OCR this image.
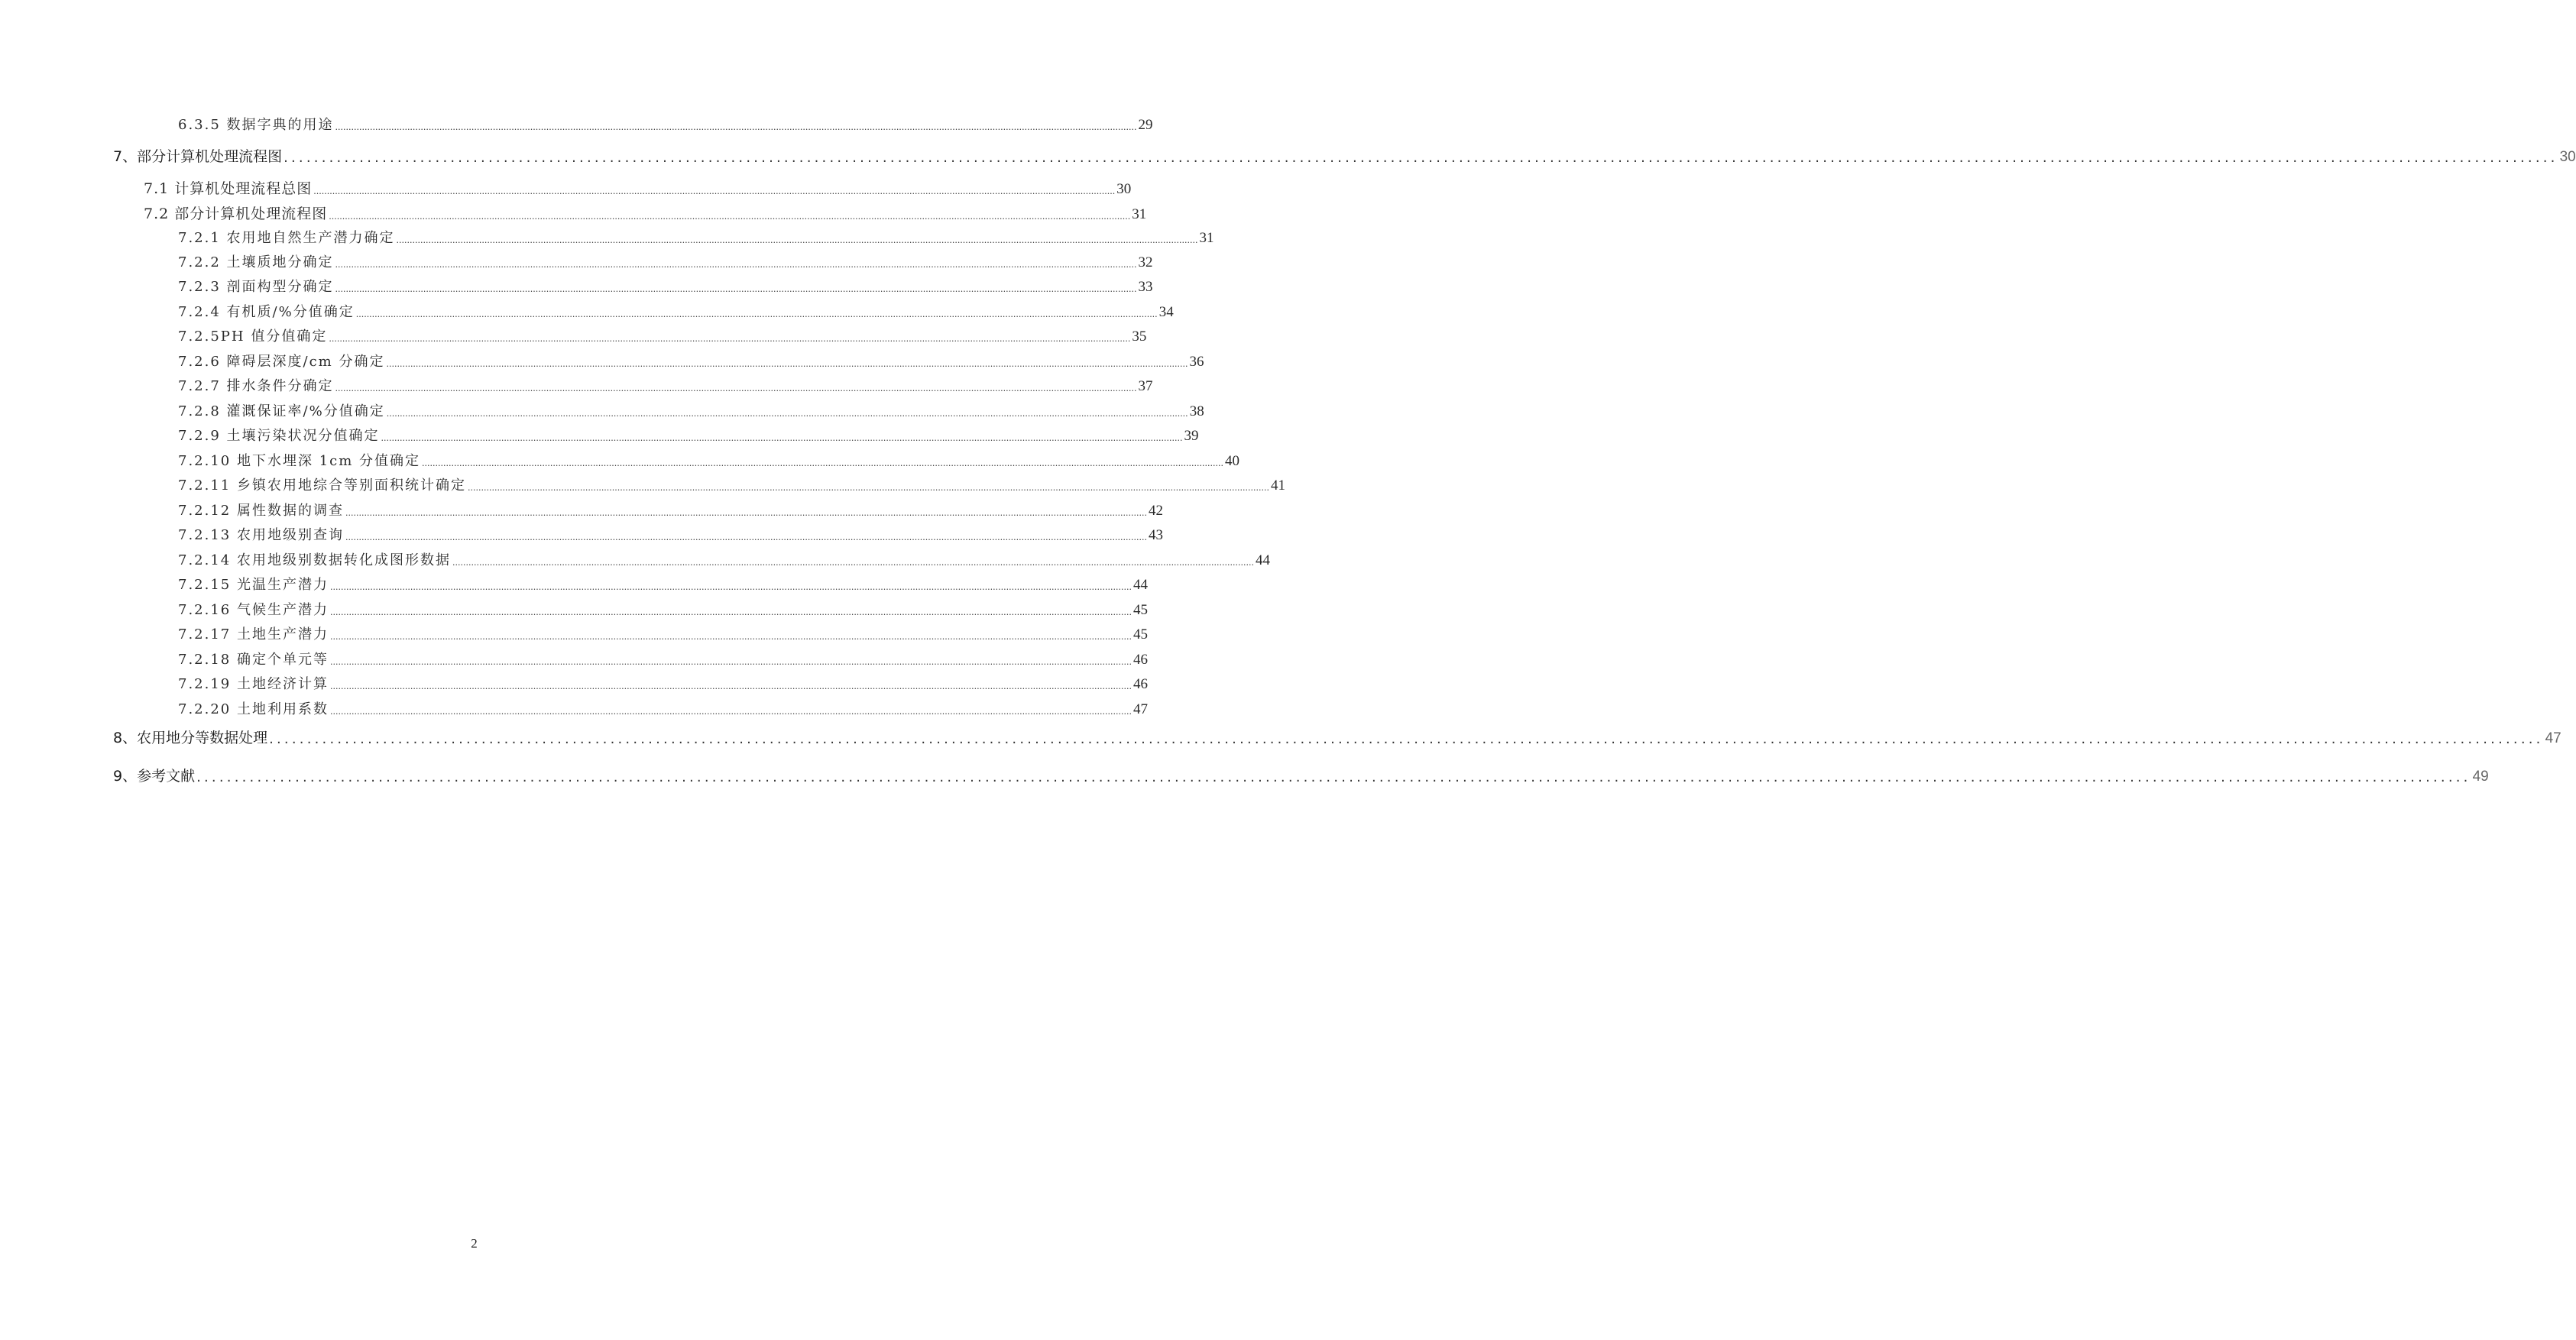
6.3.5 数据字典的用途 ............................................................................................................................................................................................................................................................................................................ 29
7、部分计算机处理流程图 ............................................................................................................................................................................................................................................................................................................ 30
7.1 计算机处理流程总图 ............................................................................................................................................................................................................................................................................................................ 30
7.2 部分计算机处理流程图 ............................................................................................................................................................................................................................................................................................................ 31
7.2.1 农用地自然生产潜力确定 ............................................................................................................................................................................................................................................................................................................ 31
7.2.2 土壤质地分确定 ............................................................................................................................................................................................................................................................................................................ 32
7.2.3 剖面构型分确定 ............................................................................................................................................................................................................................................................................................................ 33
7.2.4 有机质/%分值确定 ............................................................................................................................................................................................................................................................................................................ 34
7.2.5PH 值分值确定 ............................................................................................................................................................................................................................................................................................................ 35
7.2.6 障碍层深度/cm 分确定 ............................................................................................................................................................................................................................................................................................................ 36
7.2.7 排水条件分确定 ............................................................................................................................................................................................................................................................................................................ 37
7.2.8 灌溉保证率/%分值确定 ............................................................................................................................................................................................................................................................................................................ 38
7.2.9 土壤污染状况分值确定 ............................................................................................................................................................................................................................................................................................................ 39
7.2.10 地下水埋深 1cm 分值确定 ............................................................................................................................................................................................................................................................................................................ 40
7.2.11 乡镇农用地综合等别面积统计确定 ............................................................................................................................................................................................................................................................................................................ 41
7.2.12 属性数据的调查 ............................................................................................................................................................................................................................................................................................................ 42
7.2.13 农用地级别查询 ............................................................................................................................................................................................................................................................................................................ 43
7.2.14 农用地级别数据转化成图形数据 ............................................................................................................................................................................................................................................................................................................ 44
7.2.15 光温生产潜力 ............................................................................................................................................................................................................................................................................................................ 44
7.2.16 气候生产潜力 ............................................................................................................................................................................................................................................................................................................ 45
7.2.17 土地生产潜力 ............................................................................................................................................................................................................................................................................................................ 45
7.2.18 确定个单元等 ............................................................................................................................................................................................................................................................................................................ 46
7.2.19 土地经济计算 ............................................................................................................................................................................................................................................................................................................ 46
7.2.20 土地利用系数 ............................................................................................................................................................................................................................................................................................................ 47
8、农用地分等数据处理 ............................................................................................................................................................................................................................................................................................................ 47
9、参考文献 ............................................................................................................................................................................................................................................................................................................ 49
2
